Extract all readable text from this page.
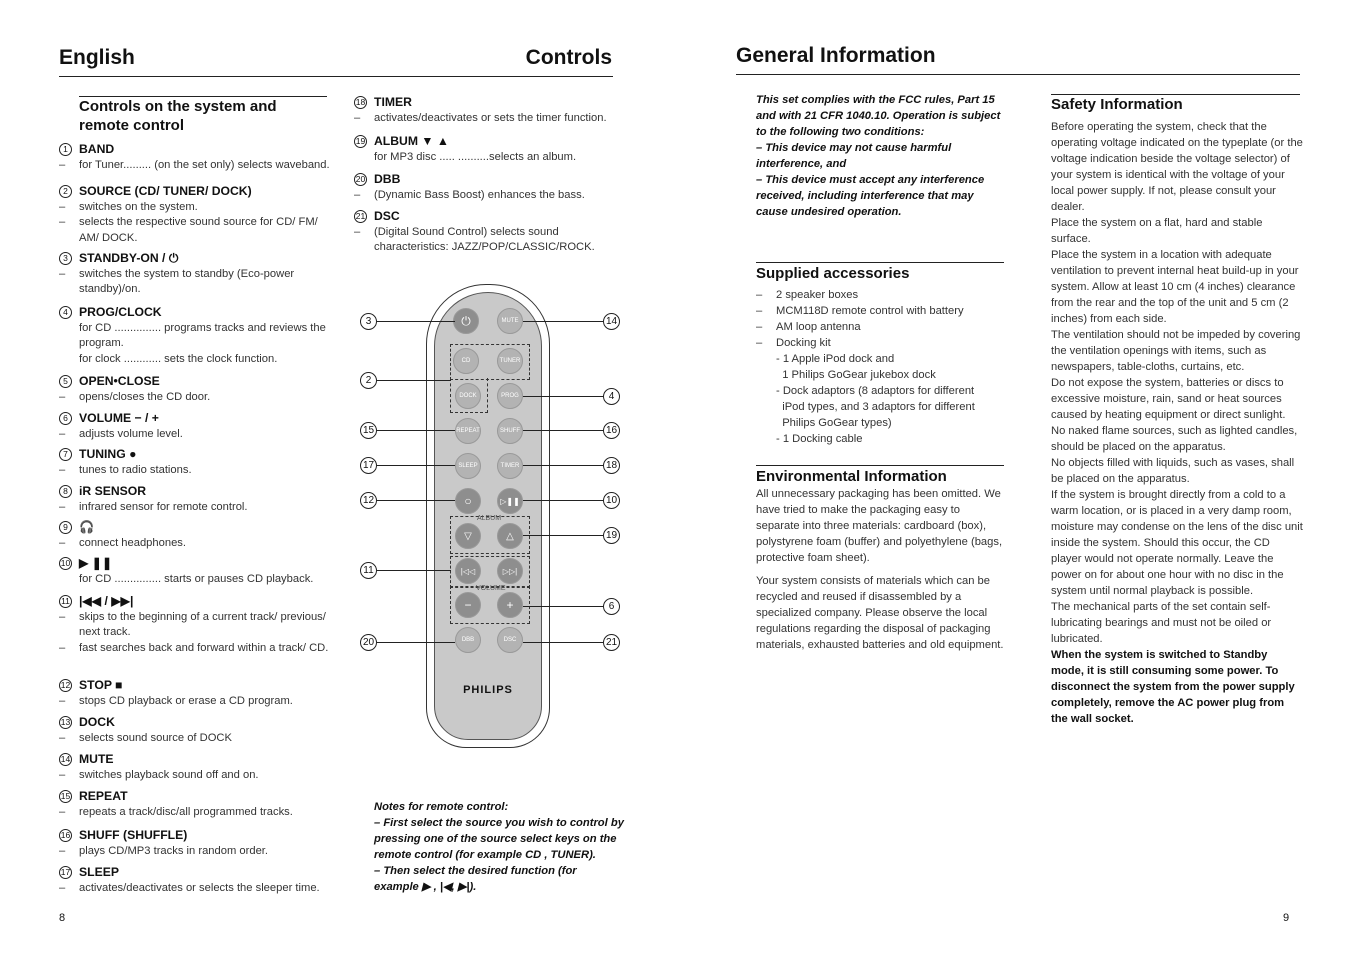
English	Controls
Controls on the system and remote control
1 BAND
–	for Tuner......... (on the set only) selects waveband.
2 SOURCE (CD/ TUNER/ DOCK)
–	switches on the system.
–	selects the respective sound source for CD/ FM/ AM/ DOCK.
3 STANDBY-ON / ⏻
–	switches the system to standby (Eco-power standby)/on.
4 PROG/CLOCK
for CD ............... programs tracks and reviews the program.
for clock ............ sets the clock function.
5 OPEN•CLOSE
–	opens/closes the CD door.
6 VOLUME − / +
–	adjusts volume level.
7 TUNING ●
–	tunes to radio stations.
8 iR SENSOR
–	infrared sensor for remote control.
9 🎧
–	connect headphones.
10 ▶ ❚❚
for CD ............... starts or pauses CD playback.
11 |◀◀ / ▶▶|
–	skips to the beginning of a current track/ previous/ next track.
–	fast searches back and forward within a track/ CD.
12 STOP ■
–	stops CD playback or erase a CD program.
13 DOCK
–	selects sound source of DOCK
14 MUTE
–	switches playback sound off and on.
15 REPEAT
–	repeats a track/disc/all programmed tracks.
16 SHUFF (SHUFFLE)
–	plays CD/MP3 tracks in random order.
17 SLEEP
–	activates/deactivates or selects the sleeper time.
18 TIMER
–	activates/deactivates or sets the timer function.
19 ALBUM ▼ ▲
for MP3 disc ..... ..........selects an album.
20 DBB
–	(Dynamic Bass Boost) enhances the bass.
21 DSC
–	(Digital Sound Control) selects sound characteristics: JAZZ/POP/CLASSIC/ROCK.
8
⏻	MUTE
CD	TUNER
DOCK	PROG
REPEAT	SHUFF
SLEEP	TIMER
○	▷❚❚
ALBUM
▽	△
|◁◁	▷▷|
VOLUME
−	+
DBB	DSC
PHILIPS
3
2
15
17
12
11
20
14
4
16
18
10
19
6
21
Notes for remote control:
– First select the source you wish to control by pressing one of the source select keys on the remote control (for example CD , TUNER).
– Then select the desired function (for example ▶ , |◀, ▶|).
General Information
This set complies with the FCC rules, Part 15 and with 21 CFR 1040.10. Operation is subject to the following two conditions:
– This device may not cause harmful interference, and
– This device must accept any interference received, including interference that may cause undesired operation.
Supplied accessories
–	2 speaker boxes
–	MCM118D remote control with battery
–	AM loop antenna
–	Docking kit
- 1 Apple iPod dock and
1 Philips GoGear jukebox dock
- Dock adaptors (8 adaptors for different
iPod types, and 3 adaptors for different
Philips GoGear types)
- 1 Docking cable
Environmental Information
All unnecessary packaging has been omitted. We have tried to make the packaging easy to separate into three materials: cardboard (box), polystyrene foam (buffer) and polyethylene (bags, protective foam sheet).
Your system consists of materials which can be recycled and reused if disassembled by a specialized company. Please observe the local regulations regarding the disposal of packaging materials, exhausted batteries and old equipment.
Safety Information
Before operating the system, check that the operating voltage indicated on the typeplate (or the voltage indication beside the voltage selector) of your system is identical with the voltage of your local power supply. If not, please consult your dealer.
Place the system on a flat, hard and stable surface.
Place the system in a location with adequate ventilation to prevent internal heat build-up in your system. Allow at least 10 cm (4 inches) clearance from the rear and the top of the unit and 5 cm (2 inches) from each side.
The ventilation should not be impeded by covering the ventilation openings with items, such as newspapers, table-cloths, curtains, etc.
Do not expose the system, batteries or discs to excessive moisture, rain, sand or heat sources caused by heating equipment or direct sunlight.
No naked flame sources, such as lighted candles, should be placed on the apparatus.
No objects filled with liquids, such as vases, shall be placed on the apparatus.
If the system is brought directly from a cold to a warm location, or is placed in a very damp room, moisture may condense on the lens of the disc unit inside the system. Should this occur, the CD player would not operate normally. Leave the power on for about one hour with no disc in the system until normal playback is possible.
The mechanical parts of the set contain self-lubricating bearings and must not be oiled or lubricated.
When the system is switched to Standby mode, it is still consuming some power. To disconnect the system from the power supply completely, remove the AC power plug from the wall socket.
9
